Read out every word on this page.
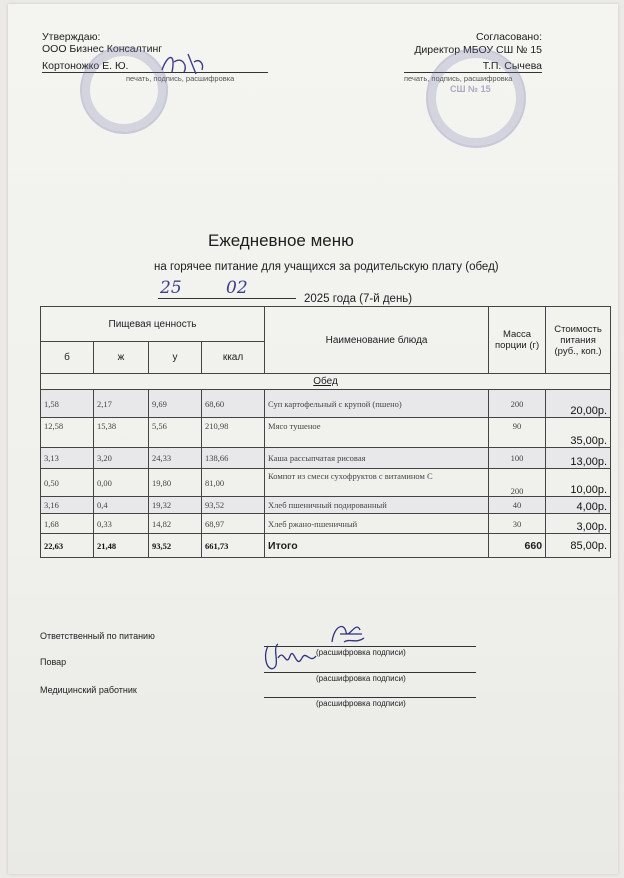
Утверждаю:
ООО Бизнес Консалтинг
Кортоножко Е. Ю.
печать, подпись, расшифровка
Согласовано:
Директор МБОУ СШ № 15
Т.П. Сычева
печать, подпись, расшифровка
СШ № 15
Ежедневное меню
на горячее питание для учащихся за родительскую плату (обед)
25	02
2025 года (7-й день)
Пищевая ценность				Наименование блюда	Масса порции (г)	Стоимость питания (руб., коп.)
б	ж	у	ккал			
Обед						
1,58	2,17	9,69	68,60	Суп картофельный с крупой (пшено)	200	20,00р.
12,58	15,38	5,56	210,98	Мясо тушеное	90	35,00р.
3,13	3,20	24,33	138,66	Каша рассыпчатая рисовая	100	13,00р.
0,50	0,00	19,80	81,00	Компот из смеси сухофруктов с витамином С	200	10,00р.
3,16	0,4	19,32	93,52	Хлеб пшеничный подированный	40	4,00р.
1,68	0,33	14,82	68,97	Хлеб ржано-пшеничный	30	3,00р.
22,63	21,48	93,52	661,73	Итого	660	85,00р.
Ответственный по питанию
(расшифровка подписи)
Повар
(расшифровка подписи)
Медицинский работник
(расшифровка подписи)
